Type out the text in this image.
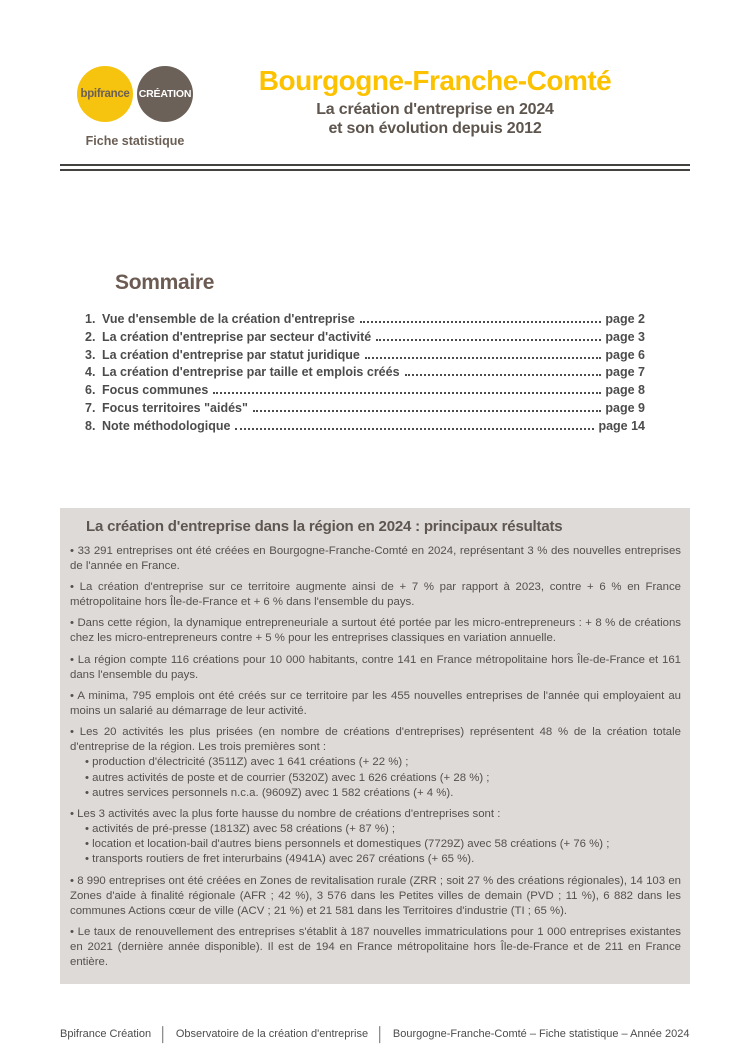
bpifrance CRÉATION
Fiche statistique
Bourgogne-Franche-Comté
La création d'entreprise en 2024
et son évolution depuis 2012
Sommaire
1. Vue d'ensemble de la création d'entreprise	page 2
2. La création d'entreprise par secteur d'activité	page 3
3. La création d'entreprise par statut juridique	page 6
4. La création d'entreprise par taille et emplois créés	page 7
6. Focus communes	page 8
7. Focus territoires "aidés"	page 9
8. Note méthodologique	page 14
La création d'entreprise dans la région en 2024 : principaux résultats

• 33 291 entreprises ont été créées en Bourgogne-Franche-Comté en 2024, représentant 3 % des nouvelles entreprises de l'année en France.

• La création d'entreprise sur ce territoire augmente ainsi de + 7 % par rapport à 2023, contre + 6 % en France métropolitaine hors Île-de-France et + 6 % dans l'ensemble du pays.

• Dans cette région, la dynamique entrepreneuriale a surtout été portée par les micro-entrepreneurs : + 8 % de créations chez les micro-entrepreneurs contre + 5 % pour les entreprises classiques en variation annuelle.

• La région compte 116 créations pour 10 000 habitants, contre 141 en France métropolitaine hors Île-de-France et 161 dans l'ensemble du pays.

• A minima, 795 emplois ont été créés sur ce territoire par les 455 nouvelles entreprises de l'année qui employaient au moins un salarié au démarrage de leur activité.

• Les 20 activités les plus prisées (en nombre de créations d'entreprises) représentent 48 % de la création totale d'entreprise de la région. Les trois premières sont :

• production d'électricité (3511Z) avec 1 641 créations (+ 22 %) ;

• autres activités de poste et de courrier (5320Z) avec 1 626 créations (+ 28 %) ;

• autres services personnels n.c.a. (9609Z) avec 1 582 créations (+ 4 %).

• Les 3 activités avec la plus forte hausse du nombre de créations d'entreprises sont :

• activités de pré-presse (1813Z) avec 58 créations (+ 87 %) ;

• location et location-bail d'autres biens personnels et domestiques (7729Z) avec 58 créations (+ 76 %) ;

• transports routiers de fret interurbains (4941A) avec 267 créations (+ 65 %).

• 8 990 entreprises ont été créées en Zones de revitalisation rurale (ZRR ; soit 27 % des créations régionales), 14 103 en Zones d'aide à finalité régionale (AFR ; 42 %), 3 576 dans les Petites villes de demain (PVD ; 11 %), 6 882 dans les communes Actions cœur de ville (ACV ; 21 %) et 21 581 dans les Territoires d'industrie (TI ; 65 %).

• Le taux de renouvellement des entreprises s'établit à 187 nouvelles immatriculations pour 1 000 entreprises existantes en 2021 (dernière année disponible). Il est de 194 en France métropolitaine hors Île-de-France et de 211 en France entière.

Bpifrance Création │ Observatoire de la création d'entreprise │ Bourgogne-Franche-Comté – Fiche statistique – Année 2024
